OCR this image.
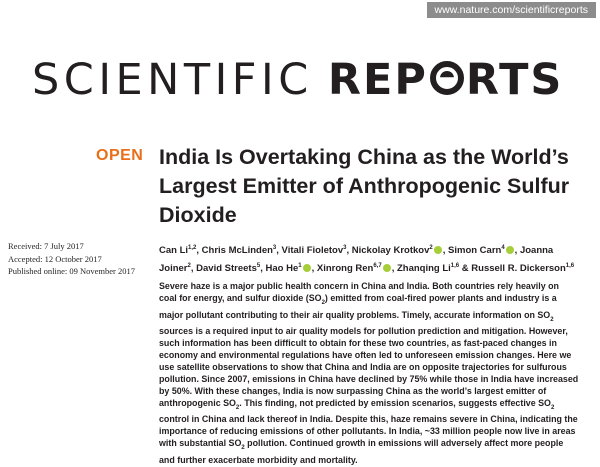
www.nature.com/scientificreports
SCIENTIFIC REP RTS
OPEN India Is Overtaking China as the World’s Largest Emitter of Anthropogenic Sulfur Dioxide
Received: 7 July 2017
Accepted: 12 October 2017
Published online: 09 November 2017
Can Li$^{1,2}$, Chris McLinden$^3$, Vitali Fioletov$^3$, Nickolay Krotkov$^2$ , Simon Carn$^4$ , Joanna Joiner$^2$, David Streets$^5$, Hao He$^1$ , Xinrong Ren$^{6,7}$ , Zhanqing Li$^{1,6}$ & Russell R. Dickerson$^{1,6}$
Severe haze is a major public health concern in China and India. Both countries rely heavily on coal for energy, and sulfur dioxide $(SO_2)$ emitted from coal-fired power plants and industry is a major pollutant contributing to their air quality problems. Timely, accurate information on $SO_2$ sources is a required input to air quality models for pollution prediction and mitigation. However, such information has been difficult to obtain for these two countries, as fast-paced changes in economy and environmental regulations have often led to unforeseen emission changes. Here we use satellite observations to show that China and India are on opposite trajectories for sulfurous pollution. Since 2007, emissions in China have declined by 75% while those in India have increased by 50%. With these changes, India is now surpassing China as the world’s largest emitter of anthropogenic $SO_2$. This finding, not predicted by emission scenarios, suggests effective $SO_2$ control in China and lack thereof in India. Despite this, haze remains severe in China, indicating the importance of reducing emissions of other pollutants. In India, ~33 million people now live in areas with substantial $SO_2$ pollution. Continued growth in emissions will adversely affect more people and further exacerbate morbidity and mortality.
